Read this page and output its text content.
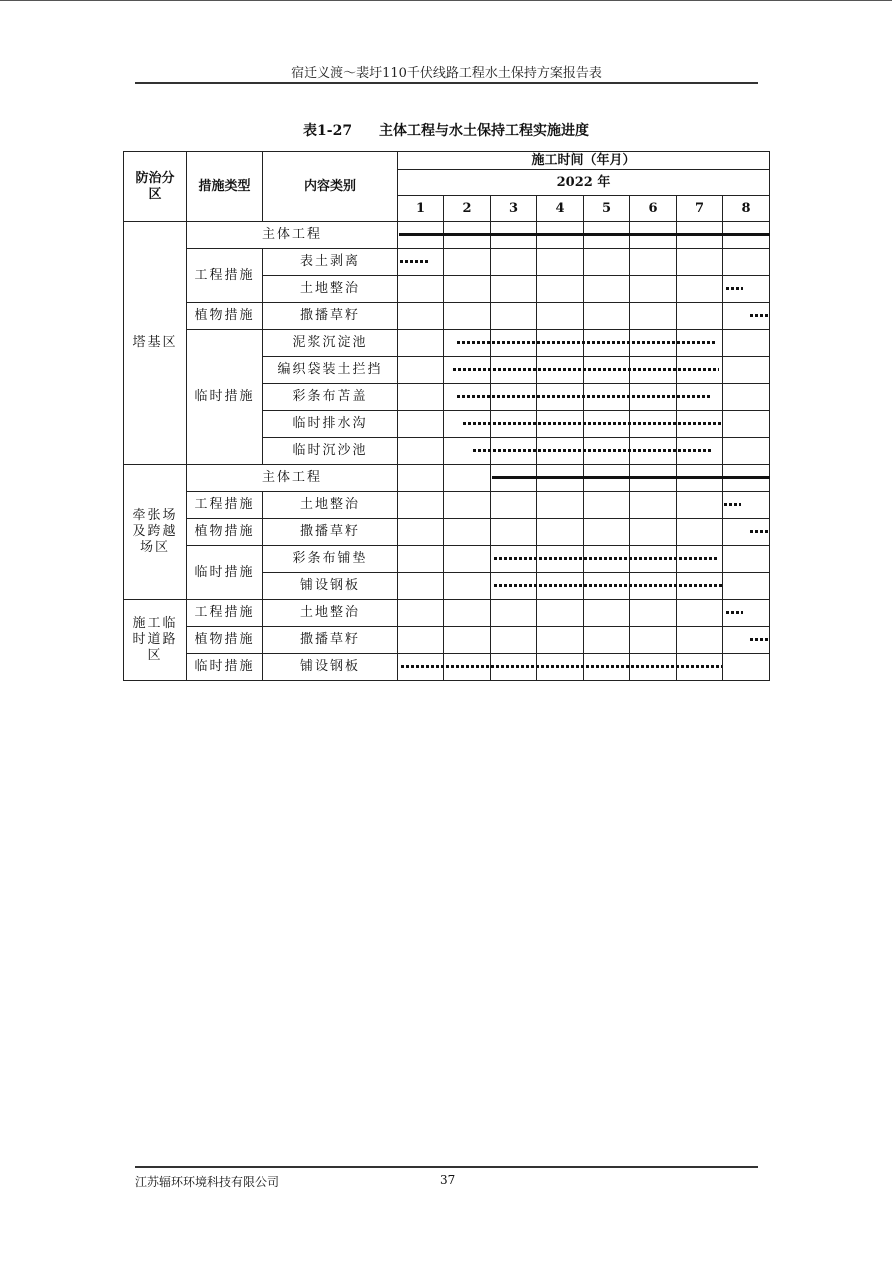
宿迁义渡～裴圩110千伏线路工程水土保持方案报告表
表1-27 主体工程与水土保持工程实施进度
防治分区	措施类型	内容类别	施工时间（年月）							
			2022 年							
			1	2	3	4	5	6	7	8
塔基区	主体工程		

	工程措施	表土剥离	

		土地整治	

	植物措施	撒播草籽	

	临时措施	泥浆沉淀池	

		编织袋装土拦挡	

		彩条布苫盖	

		临时排水沟	

		临时沉沙池	

牵张场及跨越场区	主体工程		

	工程措施	土地整治	

	植物措施	撒播草籽	

	临时措施	彩条布铺垫	

		铺设钢板	

施工临时道路区	工程措施	土地整治	

	植物措施	撒播草籽	

	临时措施	铺设钢板	

江苏辐环环境科技有限公司	37
